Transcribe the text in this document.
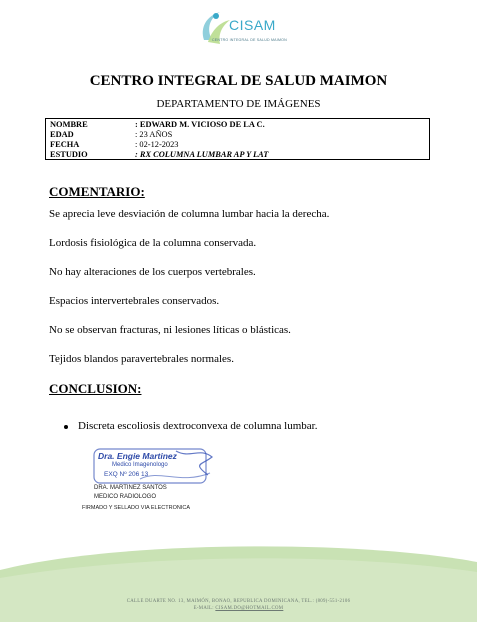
CISAM
CENTRO INTEGRAL DE SALUD MAIMON
CENTRO INTEGRAL DE SALUD MAIMON
DEPARTAMENTO DE IMÁGENES
NOMBRE	: EDWARD M. VICIOSO DE LA C.
EDAD	: 23 AÑOS
FECHA	: 02-12-2023
ESTUDIO	: RX COLUMNA LUMBAR AP Y LAT
COMENTARIO:
Se aprecia leve desviación de columna lumbar hacia la derecha.
Lordosis fisiológica de la columna conservada.
No hay alteraciones de los cuerpos vertebrales.
Espacios intervertebrales conservados.
No se observan fracturas, ni lesiones líticas o blásticas.
Tejidos blandos paravertebrales normales.
CONCLUSION:
Discreta escoliosis dextroconvexa de columna lumbar.
Dra. Engie Martinez
Medico Imagenologo
EXQ Nº 206 13
DRA. MARTINEZ SANTOS
MEDICO RADIOLOGO
FIRMADO Y SELLADO VIA ELECTRONICA
CALLE DUARTE NO. 13, MAIMÓN, BONAO, REPUBLICA DOMINICANA, TEL.: (809)-551-2106
E-MAIL: CISAM.DO@HOTMAIL.COM
